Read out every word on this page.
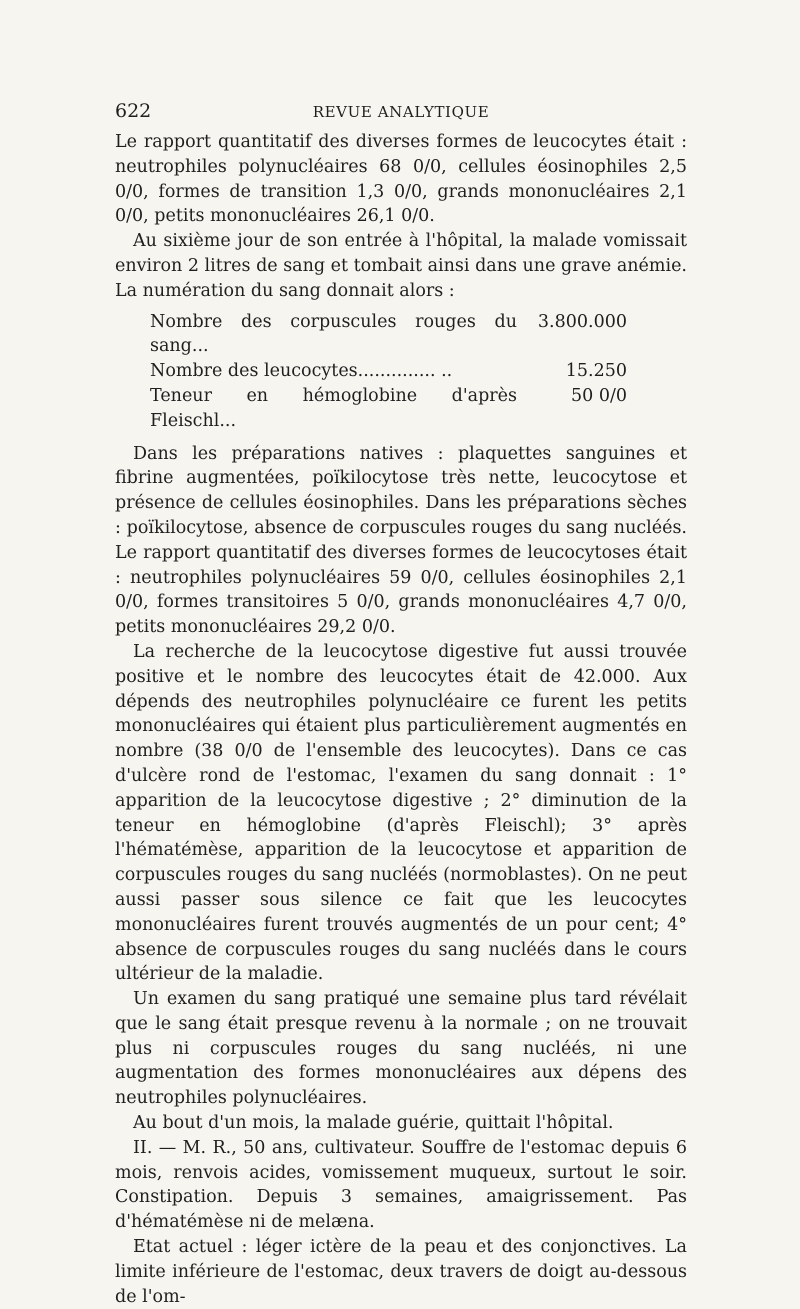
622	REVUE ANALYTIQUE

Le rapport quantitatif des diverses formes de leucocytes était : neutrophiles polynucléaires 68 0/0, cellules éosinophiles 2,5 0/0, formes de transition 1,3 0/0, grands mononucléaires 2,1 0/0, petits mononucléaires 26,1 0/0.

Au sixième jour de son entrée à l'hôpital, la malade vomissait environ 2 litres de sang et tombait ainsi dans une grave anémie. La numération du sang donnait alors :

Nombre des corpuscules rouges du sang...
3.800.000
Nombre des leucocytes.............. ..	15.250
Teneur en hémoglobine d'après Fleischl...
50 0/0

Dans les préparations natives : plaquettes sanguines et fibrine augmentées, poïkilocytose très nette, leucocytose et présence de cellules éosinophiles. Dans les préparations sèches : poïkilocytose, absence de corpuscules rouges du sang nucléés. Le rapport quantitatif des diverses formes de leucocytoses était : neutrophiles polynucléaires 59 0/0, cellules éosinophiles 2,1 0/0, formes transitoires 5 0/0, grands mononucléaires 4,7 0/0, petits mononucléaires 29,2 0/0.

La recherche de la leucocytose digestive fut aussi trouvée positive et le nombre des leucocytes était de 42.000. Aux dépends des neutrophiles polynucléaire ce furent les petits mononucléaires qui étaient plus particulièrement augmentés en nombre (38 0/0 de l'ensemble des leucocytes). Dans ce cas d'ulcère rond de l'estomac, l'examen du sang donnait : 1° apparition de la leucocytose digestive ; 2° diminution de la teneur en hémoglobine (d'après Fleischl); 3° après l'hématémèse, apparition de la leucocytose et apparition de corpuscules rouges du sang nucléés (normoblastes). On ne peut aussi passer sous silence ce fait que les leucocytes mononucléaires furent trouvés augmentés de un pour cent; 4° absence de corpuscules rouges du sang nucléés dans le cours ultérieur de la maladie.

Un examen du sang pratiqué une semaine plus tard révélait que le sang était presque revenu à la normale ; on ne trouvait plus ni corpuscules rouges du sang nucléés, ni une augmentation des formes mononucléaires aux dépens des neutrophiles polynucléaires.

Au bout d'un mois, la malade guérie, quittait l'hôpital.

II. — M. R., 50 ans, cultivateur. Souffre de l'estomac depuis 6 mois, renvois acides, vomissement muqueux, surtout le soir. Constipation. Depuis 3 semaines, amaigrissement. Pas d'hématémèse ni de melæna.

Etat actuel : léger ictère de la peau et des conjonctives. La limite inférieure de l'estomac, deux travers de doigt au-dessous de l'om-
